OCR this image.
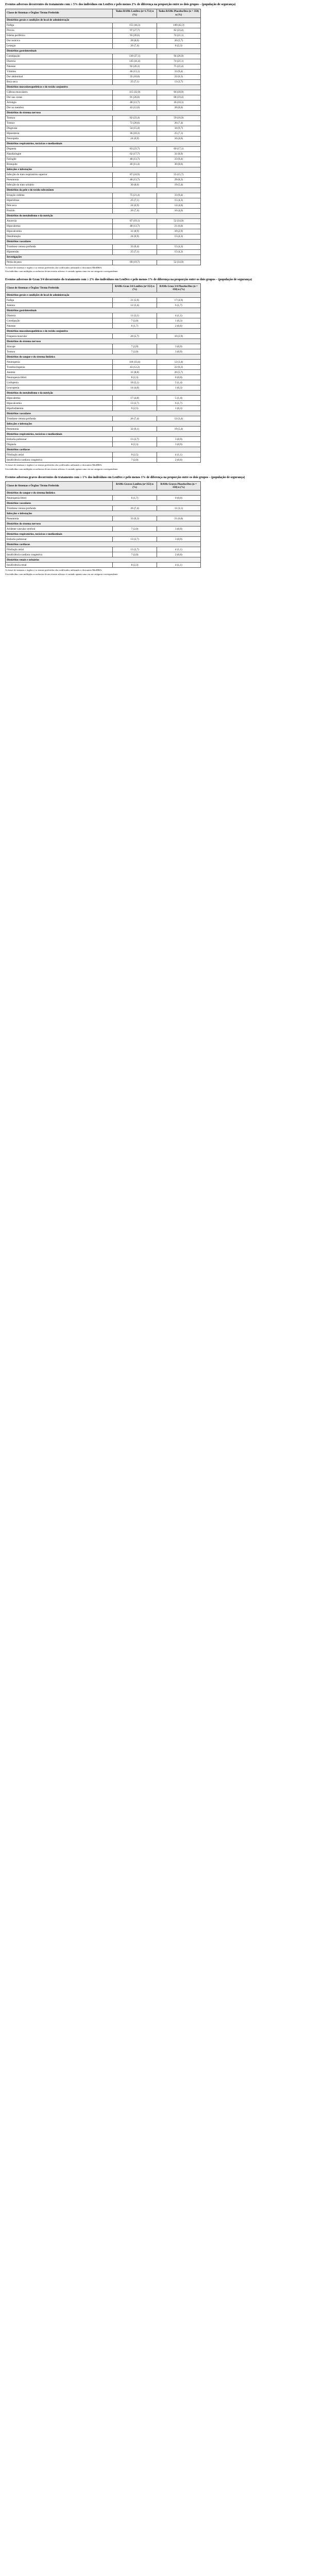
Eventos adversos decorrentes do tratamento com ≥ 5% dos indivíduos em LenDex e pelo menos 2% de diferença na proporção entre os dois grupos – (população de segurança)
Classe de Sistemas e Órgãos/ Termo Preferido	Todos RAMs LenDex (n=1.751) n (%)	Todos RAMs Placebo/Dex (n = 350) n (%)
Distúrbios gerais e condições de local de administração		
Fadiga	155 (44,3)	148 (42,3)
Pirexia	97 (27,7)	82 (23,4)
Edema periférico	93 (26,6)	74 (21,1)
Dor torácica	28 (8,0)	20 (5,7)
Letargia	26 (7,4)	8 (2,3)
Distúrbios gastrintestinais		
Constipação	130 (37,1)	94 (26,9)
Diarreia	145 (41,4)	74 (21,1)
Náuseas	92 (26,3)	75 (21,4)
Vômitos	46 (13,1)	33 (9,4)
Dor abdominal	35 (10,0)	22 (6,3)
Boca seca	25 (7,1)	13 (3,7)
Distúrbios musculoesqueléticos e do tecido conjuntivo		
Cãibras musculares	115 (32,9)	66 (18,9)
Dor nas costas	91 (26,0)	68 (19,4)
Artralgia	48 (13,7)	36 (10,3)
Dor no membro	42 (12,0)	28 (8,0)
Distúrbios do sistema nervoso		
Tontura	82 (23,4)	59 (16,9)
Tremor	72 (20,6)	26 (7,4)
Disgeusia	54 (15,4)	34 (9,7)
Hipoestesia	36 (10,3)	25 (7,1)
Neuropatia	24 (6,9)	16 (4,6)
Distúrbios respiratórios, torácicos e mediastinais		
Dispneia	83 (23,7)	60 (17,1)
Nasofaringite	62 (17,7)	31 (8,9)
Faringite	48 (13,7)	33 (9,4)
Bronquite	40 (11,4)	30 (8,6)
Infecções e infestações		
Infecção do trato respiratório superior	87 (24,9)	55 (15,7)
Pneumonia	48 (13,7)	29 (8,3)
Infecção do trato urinário	30 (8,6)	19 (5,4)
Distúrbios da pele e do tecido subcutâneo		
Erupção cutânea	75 (21,4)	33 (9,4)
Hiperidrose	25 (7,1)	15 (4,3)
Pele seca	24 (6,9)	14 (4,0)
Prurido	26 (7,4)	16 (4,6)
Distúrbios do metabolismo e da nutrição		
Anorexia	67 (19,1)	52 (14,9)
Hipocalemia	48 (13,7)	21 (6,0)
Hipocalcemia	31 (8,9)	10 (2,9)
Desidratação	24 (6,9)	15 (4,3)
Distúrbios vasculares		
Trombose venosa profunda	33 (9,4)	15 (4,3)
Hipotensão	25 (7,1)	15 (4,3)
Investigações		
Perda de peso	69 (19,7)	52 (14,9)
A classe de sistemas e órgãos e os termos preferidos são codificados utilizando o dicionário MedDRA.
Um indivíduo com múltiplas ocorrências de um evento adverso é contado apenas uma vez na categoria correspondente.
Eventos adversos de Grau 3/4 decorrentes do tratamento com ≥ 2% dos indivíduos em LenDex e pelo menos 1% de diferença na proporção entre os dois grupos – (população de segurança)
Classe de Sistemas e Órgãos/ Termo Preferido	RAMs Grau 3/4 LenDex (n=353) n (%)	RAMs Grau 3/4 Placebo/Dex (n = 350) n (%)
Distúrbios gerais e condições de local de administração		
Fadiga	21 (5,9)	17 (4,9)
Astenia	12 (3,4)	6 (1,7)
Distúrbios gastrintestinais		
Diarreia	11 (3,1)	4 (1,1)
Constipação	7 (2,0)	1 (0,3)
Náuseas	6 (1,7)	2 (0,6)
Distúrbios musculoesqueléticos e do tecido conjuntivo		
Fraqueza muscular	20 (5,7)	10 (2,9)
Distúrbios do sistema nervoso		
Síncope	7 (2,0)	3 (0,9)
Tontura	7 (2,0)	3 (0,9)
Distúrbios do sangue e do sistema linfático		
Neutropenia	118 (33,4)	12 (3,4)
Trombocitopenia	43 (12,2)	22 (6,3)
Anemia	31 (8,8)	20 (5,7)
Neutropenia febril	8 (2,3)	0 (0,0)
Linfopenia	18 (5,1)	5 (1,4)
Leucopenia	14 (4,0)	1 (0,3)
Distúrbios do metabolismo e da nutrição		
Hipocalemia	17 (4,8)	5 (1,4)
Hipocalcemia	13 (3,7)	6 (1,7)
Hipofosfatemia	9 (2,5)	1 (0,3)
Distúrbios vasculares		
Trombose venosa profunda	26 (7,4)	12 (3,4)
Infecções e infestações		
Pneumonia	32 (9,1)	19 (5,4)
Distúrbios respiratórios, torácicos e mediastinais		
Embolia pulmonar	13 (3,7)	3 (0,9)
Dispneia	8 (2,3)	3 (0,9)
Distúrbios cardíacos		
Fibrilação atrial	9 (2,5)	4 (1,1)
Insuficiência cardíaca congestiva	7 (2,0)	2 (0,6)
A classe de sistemas e órgãos e os termos preferidos são codificados utilizando o dicionário MedDRA.
Um indivíduo com múltiplas ocorrências de um evento adverso é contado apenas uma vez na categoria correspondente.
Eventos adversos graves decorrentes do tratamento com ≥ 1% dos indivíduos em LenDex e pelo menos 1% de diferença na proporção entre os dois grupos – (população de segurança)
Classe de Sistemas e Órgãos/ Termo Preferido	RAMs Graves LenDex (n=353) n (%)	RAMs Graves Placebo/Dex (n = 350) n (%)
Distúrbios do sangue e do sistema linfático		
Neutropenia febril	6 (1,7)	0 (0,0)
Distúrbios vasculares		
Trombose venosa profunda	26 (7,4)	11 (3,1)
Infecções e infestações		
Pneumonia	33 (9,3)	21 (6,0)
Distúrbios do sistema nervoso		
Acidente vascular cerebral	7 (2,0)	3 (0,9)
Distúrbios respiratórios, torácicos e mediastinais		
Embolia pulmonar	13 (3,7)	3 (0,9)
Distúrbios cardíacos		
Fibrilação atrial	13 (3,7)	4 (1,1)
Insuficiência cardíaca congestiva	7 (2,0)	2 (0,6)
Distúrbios renais e urinários		
Insuficiência renal	8 (2,3)	4 (1,1)
A classe de sistemas e órgãos e os termos preferidos são codificados utilizando o dicionário MedDRA.
Um indivíduo com múltiplas ocorrências de um evento adverso é contado apenas uma vez na categoria correspondente.
